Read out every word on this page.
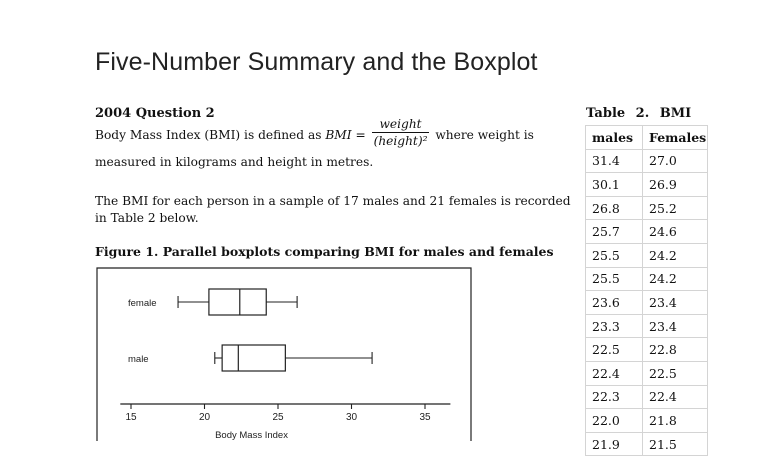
Five-Number Summary and the Boxplot
2004 Question 2
Body Mass Index (BMI) is defined as BMI = $\frac{\text{weight}}{\text{(height)²}}$ where weight is measured in kilograms and height in metres.
The BMI for each person in a sample of 17 males and 21 females is recorded in Table 2 below.
Figure 1. Parallel boxplots comparing BMI for males and females
15	20	25	30	35
Body Mass Index
female
male
Table 2. BMI
males	Females
31.4	27.0
30.1	26.9
26.8	25.2
25.7	24.6
25.5	24.2
25.5	24.2
23.6	23.4
23.3	23.4
22.5	22.8
22.4	22.5
22.3	22.4
22.0	21.8
21.9	21.5
